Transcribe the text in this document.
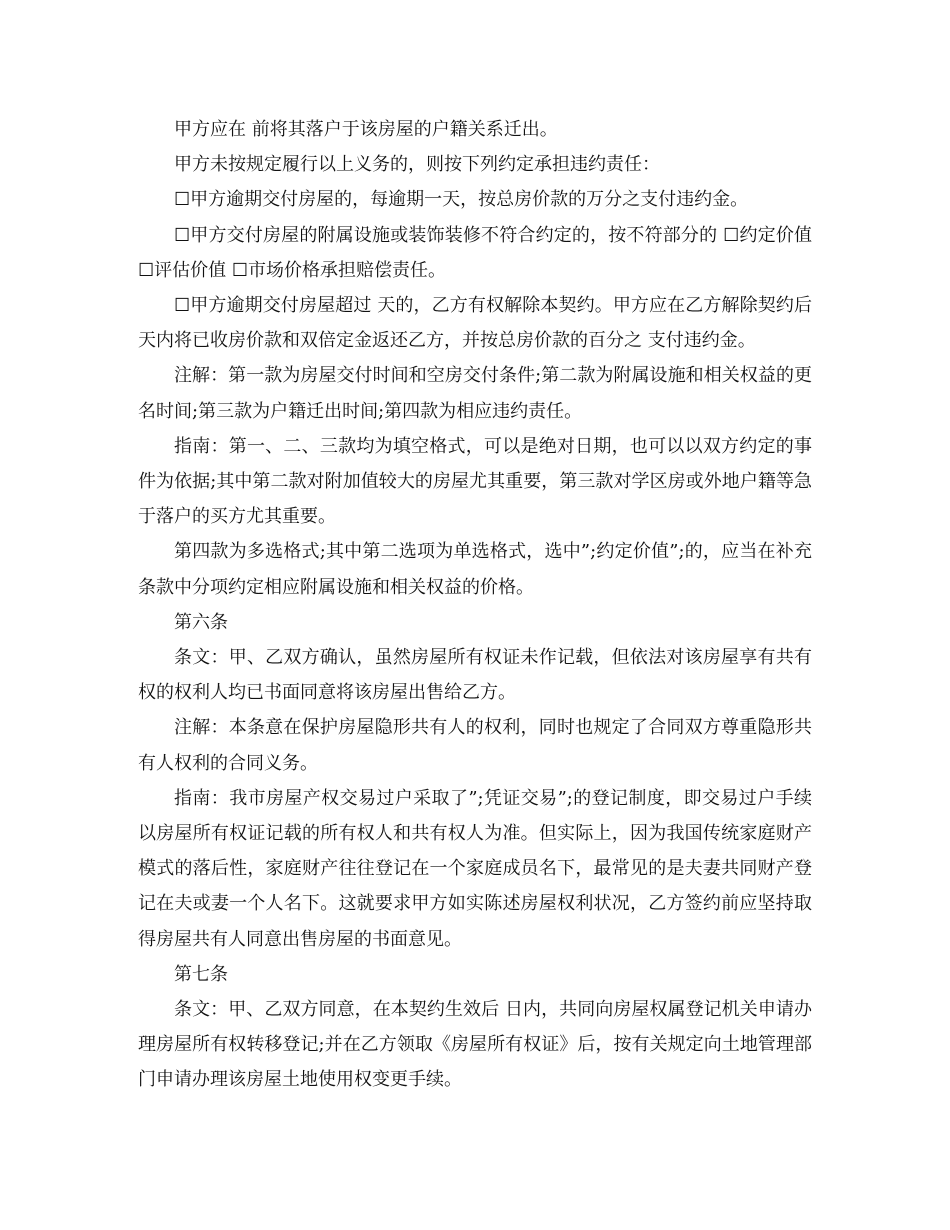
甲方应在 前将其落户于该房屋的户籍关系迁出。

甲方未按规定履行以上义务的，则按下列约定承担违约责任：

☐甲方逾期交付房屋的，每逾期一天，按总房价款的万分之支付违约金。

☐甲方交付房屋的附属设施或装饰装修不符合约定的，按不符部分的 ☐约定价值 ☐评估价值 ☐市场价格承担赔偿责任。

☐甲方逾期交付房屋超过 天的，乙方有权解除本契约。甲方应在乙方解除契约后天内将已收房价款和双倍定金返还乙方，并按总房价款的百分之 支付违约金。

注解：第一款为房屋交付时间和空房交付条件;第二款为附属设施和相关权益的更名时间;第三款为户籍迁出时间;第四款为相应违约责任。

指南：第一、二、三款均为填空格式，可以是绝对日期，也可以以双方约定的事件为依据;其中第二款对附加值较大的房屋尤其重要，第三款对学区房或外地户籍等急于落户的买方尤其重要。

第四款为多选格式;其中第二选项为单选格式，选中”;约定价值”;的，应当在补充条款中分项约定相应附属设施和相关权益的价格。

第六条

条文：甲、乙双方确认，虽然房屋所有权证未作记载，但依法对该房屋享有共有权的权利人均已书面同意将该房屋出售给乙方。

注解：本条意在保护房屋隐形共有人的权利，同时也规定了合同双方尊重隐形共有人权利的合同义务。

指南：我市房屋产权交易过户采取了”;凭证交易”;的登记制度，即交易过户手续以房屋所有权证记载的所有权人和共有权人为准。但实际上，因为我国传统家庭财产模式的落后性，家庭财产往往登记在一个家庭成员名下，最常见的是夫妻共同财产登记在夫或妻一个人名下。这就要求甲方如实陈述房屋权利状况，乙方签约前应坚持取得房屋共有人同意出售房屋的书面意见。

第七条

条文：甲、乙双方同意，在本契约生效后 日内，共同向房屋权属登记机关申请办理房屋所有权转移登记;并在乙方领取《房屋所有权证》后，按有关规定向土地管理部门申请办理该房屋土地使用权变更手续。
